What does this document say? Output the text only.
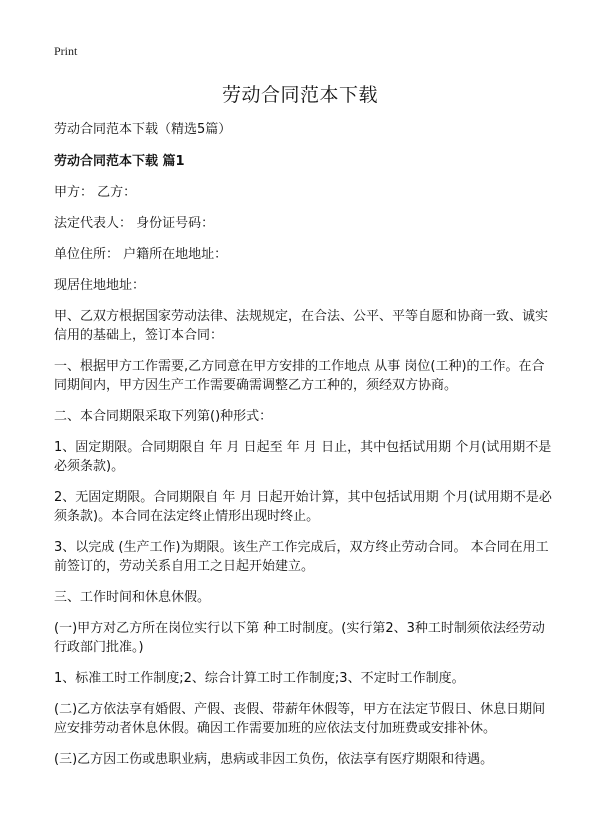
Print
劳动合同范本下载

劳动合同范本下载（精选5篇）

劳动合同范本下载 篇1

甲方： 乙方：

法定代表人： 身份证号码：

单位住所： 户籍所在地地址：

现居住地地址：

甲、乙双方根据国家劳动法律、法规规定，在合法、公平、平等自愿和协商一致、诚实信用的基础上，签订本合同：

一、根据甲方工作需要,乙方同意在甲方安排的工作地点 从事 岗位(工种)的工作。在合同期间内，甲方因生产工作需要确需调整乙方工种的，须经双方协商。

二、本合同期限采取下列第()种形式：

1、固定期限。合同期限自 年 月 日起至 年 月 日止，其中包括试用期 个月(试用期不是必须条款)。

2、无固定期限。合同期限自 年 月 日起开始计算，其中包括试用期 个月(试用期不是必须条款)。本合同在法定终止情形出现时终止。

3、以完成 (生产工作)为期限。该生产工作完成后，双方终止劳动合同。 本合同在用工前签订的，劳动关系自用工之日起开始建立。

三、工作时间和休息休假。

(一)甲方对乙方所在岗位实行以下第 种工时制度。(实行第2、3种工时制须依法经劳动行政部门批准。)

1、标准工时工作制度;2、综合计算工时工作制度;3、不定时工作制度。

(二)乙方依法享有婚假、产假、丧假、带薪年休假等，甲方在法定节假日、休息日期间应安排劳动者休息休假。确因工作需要加班的应依法支付加班费或安排补休。

(三)乙方因工伤或患职业病，患病或非因工负伤，依法享有医疗期限和待遇。
